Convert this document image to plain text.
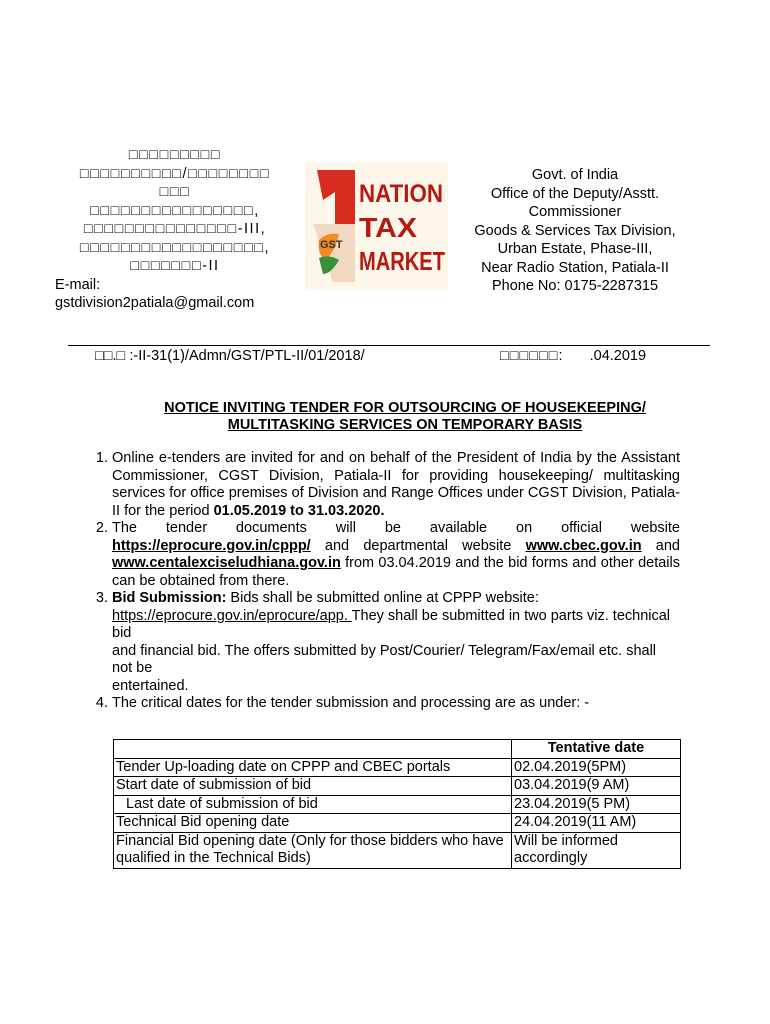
□□□□□□□□□
□□□□□□□□□□/□□□□□□□□
□□□
□□□□□□□□□□□□□□□□,
□□□□□□□□□□□□□□□-III,
□□□□□□□□□□□□□□□□□□,
□□□□□□□-II
E-mail:
gstdivision2patiala@gmail.com
GST
NATION
TAX
MARKET
Govt. of India
Office of the Deputy/Asstt.
Commissioner
Goods & Services Tax Division,
Urban Estate, Phase-III,
Near Radio Station, Patiala-II
Phone No: 0175-2287315
□□.□ :-II-31(1)/Admn/GST/PTL-II/01/2018/	□□□□□□: .04.2019
NOTICE INVITING TENDER FOR OUTSOURCING OF HOUSEKEEPING/
MULTITASKING SERVICES ON TEMPORARY BASIS
1. Online e-tenders are invited for and on behalf of the President of India by the Assistant Commissioner, CGST Division, Patiala-II for providing housekeeping/ multitasking services for office premises of Division and Range Offices under CGST Division, Patiala-II for the period 01.05.2019 to 31.03.2020.
2. The tender documents will be available on official website https://eprocure.gov.in/cppp/ and departmental website www.cbec.gov.in and www.centalexciseludhiana.gov.in from 03.04.2019 and the bid forms and other details can be obtained from there.
3. Bid Submission: Bids shall be submitted online at CPPP website:
https://eprocure.gov.in/eprocure/app. They shall be submitted in two parts viz. technical bid
and financial bid. The offers submitted by Post/Courier/ Telegram/Fax/email etc. shall not be
entertained.
4. The critical dates for the tender submission and processing are as under: -
	Tentative date
Tender Up-loading date on CPPP and CBEC portals	02.04.2019(5PM)
Start date of submission of bid	03.04.2019(9 AM)
Last date of submission of bid	23.04.2019(5 PM)
Technical Bid opening date	24.04.2019(11 AM)
Financial Bid opening date (Only for those bidders who have qualified in the Technical Bids)	Will be informed accordingly
